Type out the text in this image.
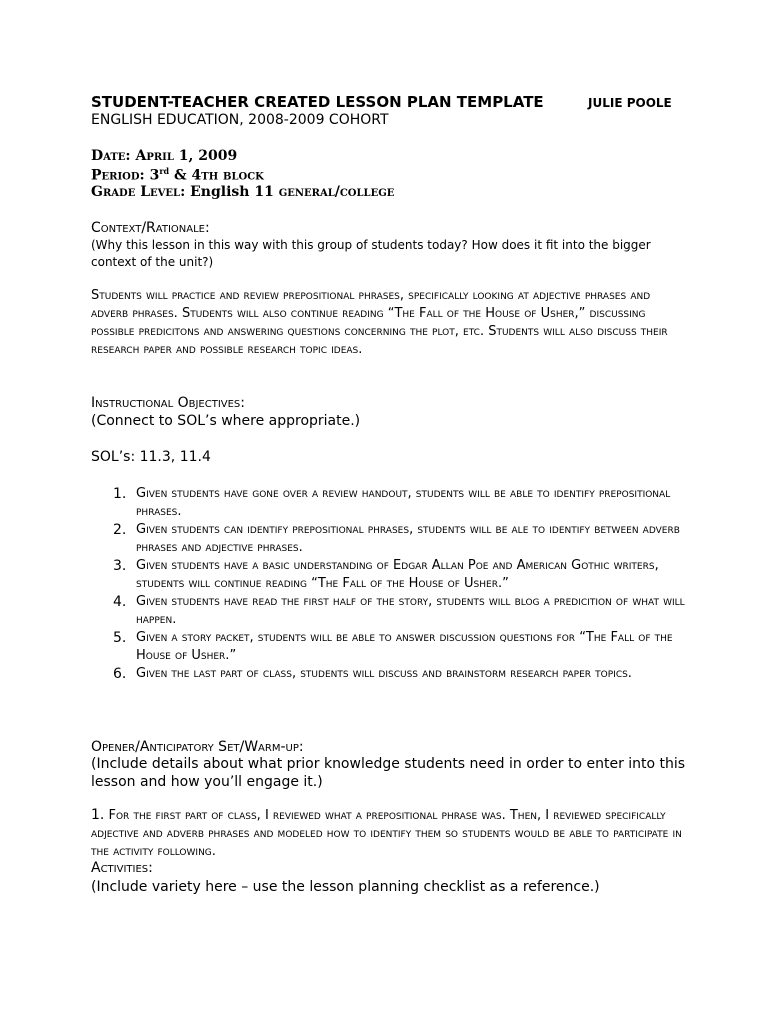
STUDENT-TEACHER CREATED LESSON PLAN TEMPLATE	JULIE POOLE
ENGLISH EDUCATION, 2008-2009 COHORT
Date: April 1, 2009
Period: 3rd & 4th block
Grade Level: English 11 general/college
Context/Rationale:
(Why this lesson in this way with this group of students today? How does it fit into the bigger context of the unit?)
Students will practice and review prepositional phrases, specifically looking at adjective phrases and adverb phrases. Students will also continue reading “The Fall of the House of Usher,” discussing possible predicitons and answering questions concerning the plot, etc. Students will also discuss their research paper and possible research topic ideas.
Instructional Objectives:
(Connect to SOL’s where appropriate.)
SOL’s: 11.3, 11.4
1. Given students have gone over a review handout, students will be able to identify prepositional phrases.
2. Given students can identify prepositional phrases, students will be ale to identify between adverb phrases and adjective phrases.
3. Given students have a basic understanding of Edgar Allan Poe and American Gothic writers, students will continue reading “The Fall of the House of Usher.”
4. Given students have read the first half of the story, students will blog a predicition of what will happen.
5. Given a story packet, students will be able to answer discussion questions for “The Fall of the House of Usher.”
6. Given the last part of class, students will discuss and brainstorm research paper topics.
Opener/Anticipatory Set/Warm-up:
(Include details about what prior knowledge students need in order to enter into this lesson and how you’ll engage it.)
1. For the first part of class, I reviewed what a prepositional phrase was. Then, I reviewed specifically adjective and adverb phrases and modeled how to identify them so students would be able to participate in the activity following.
Activities:
(Include variety here – use the lesson planning checklist as a reference.)
